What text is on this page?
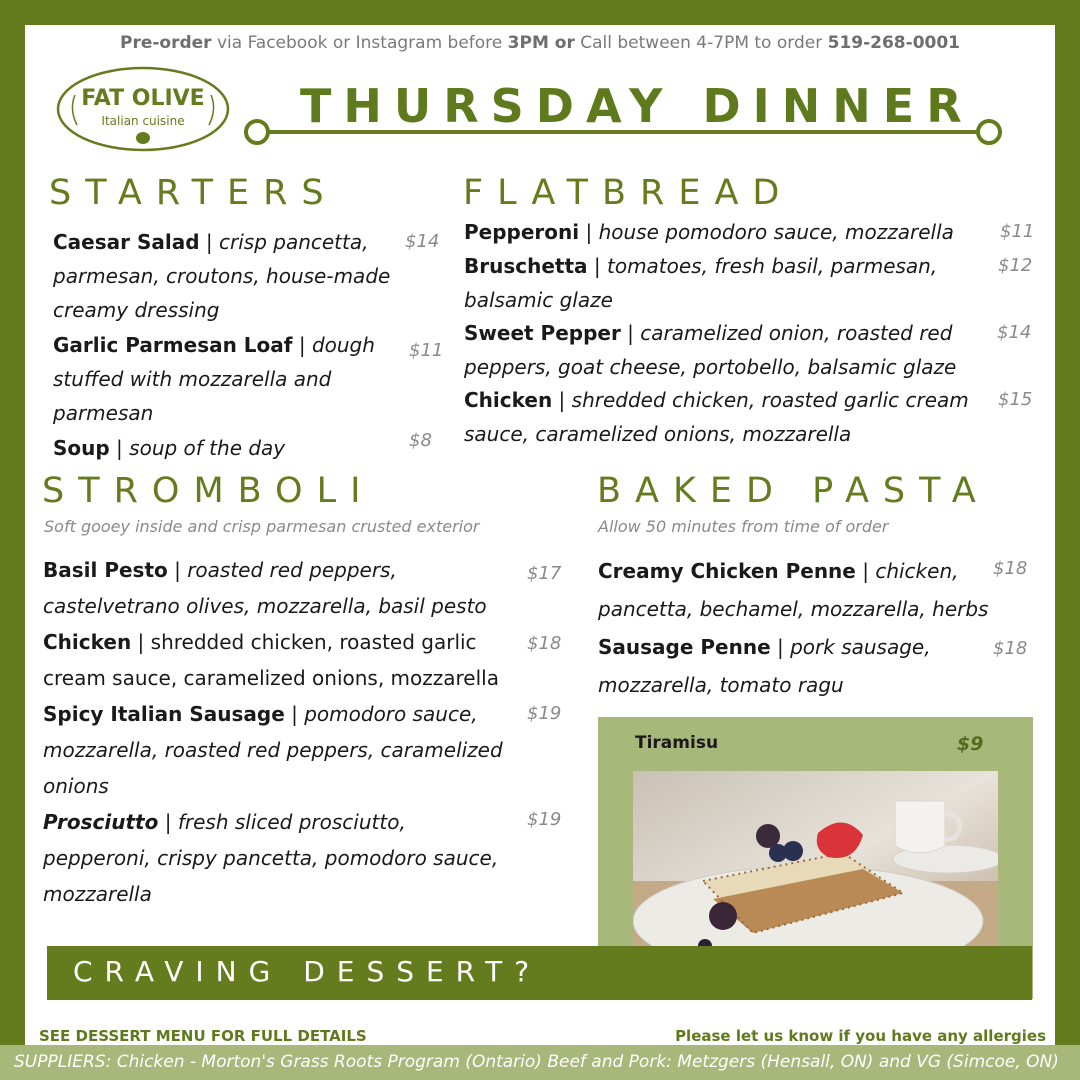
Pre-order via Facebook or Instagram before 3PM or Call between 4-7PM to order 519-268-0001
FAT OLIVE
Italian cuisine	THURSDAY DINNER
STARTERS
Caesar Salad | crisp pancetta, parmesan, croutons, house-made creamy dressing
$14
Garlic Parmesan Loaf | dough stuffed with mozzarella and parmesan
$11
Soup | soup of the day	$8
FLATBREAD
Pepperoni | house pomodoro sauce, mozzarella	$11
Bruschetta | tomatoes, fresh basil, parmesan, balsamic glaze
$12
Sweet Pepper | caramelized onion, roasted red peppers, goat cheese, portobello, balsamic glaze
$14
Chicken | shredded chicken, roasted garlic cream sauce, caramelized onions, mozzarella
$15
STROMBOLI
Soft gooey inside and crisp parmesan crusted exterior
Basil Pesto | roasted red peppers, castelvetrano olives, mozzarella, basil pesto
$17
Chicken | shredded chicken, roasted garlic cream sauce, caramelized onions, mozzarella
$18
Spicy Italian Sausage | pomodoro sauce, mozzarella, roasted red peppers, caramelized onions
$19
Prosciutto | fresh sliced prosciutto, pepperoni, crispy pancetta, pomodoro sauce, mozzarella
$19
BAKED PASTA
Allow 50 minutes from time of order
Creamy Chicken Penne | chicken, pancetta, bechamel, mozzarella, herbs
$18
Sausage Penne | pork sausage, mozzarella, tomato ragu
$18
Tiramisu	$9
CRAVING DESSERT?
SEE DESSERT MENU FOR FULL DETAILS	Please let us know if you have any allergies
SUPPLIERS: Chicken - Morton's Grass Roots Program (Ontario) Beef and Pork: Metzgers (Hensall, ON) and VG (Simcoe, ON)
